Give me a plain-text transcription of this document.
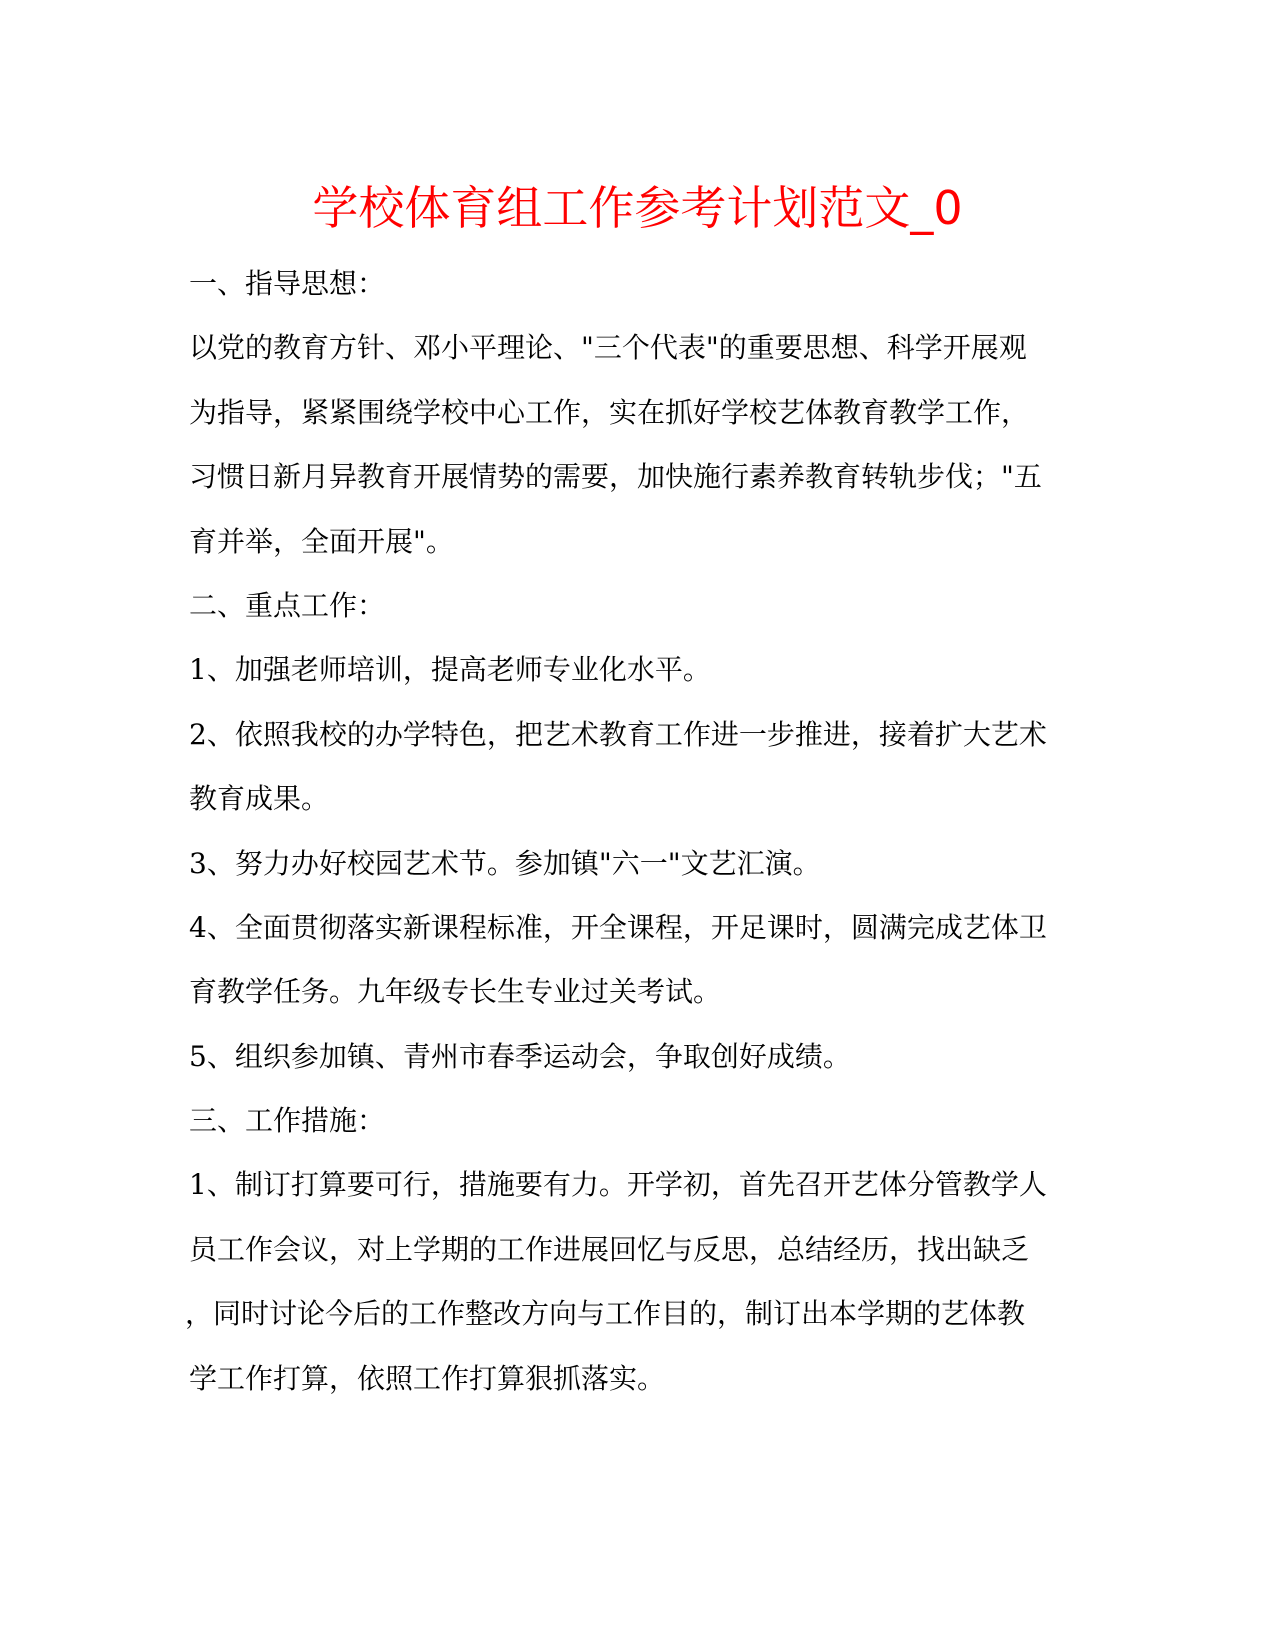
学校体育组工作参考计划范文_0
一、指导思想：
以党的教育方针、邓小平理论、"三个代表"的重要思想、科学开展观
为指导，紧紧围绕学校中心工作，实在抓好学校艺体教育教学工作，
习惯日新月异教育开展情势的需要，加快施行素养教育转轨步伐；"五
育并举，全面开展"。
二、重点工作：
1、加强老师培训，提高老师专业化水平。
2、依照我校的办学特色，把艺术教育工作进一步推进，接着扩大艺术
教育成果。
3、努力办好校园艺术节。参加镇"六一"文艺汇演。
4、全面贯彻落实新课程标准，开全课程，开足课时，圆满完成艺体卫
育教学任务。九年级专长生专业过关考试。
5、组织参加镇、青州市春季运动会，争取创好成绩。
三、工作措施：
1、制订打算要可行，措施要有力。开学初，首先召开艺体分管教学人
员工作会议，对上学期的工作进展回忆与反思，总结经历，找出缺乏
，同时讨论今后的工作整改方向与工作目的，制订出本学期的艺体教
学工作打算，依照工作打算狠抓落实。
